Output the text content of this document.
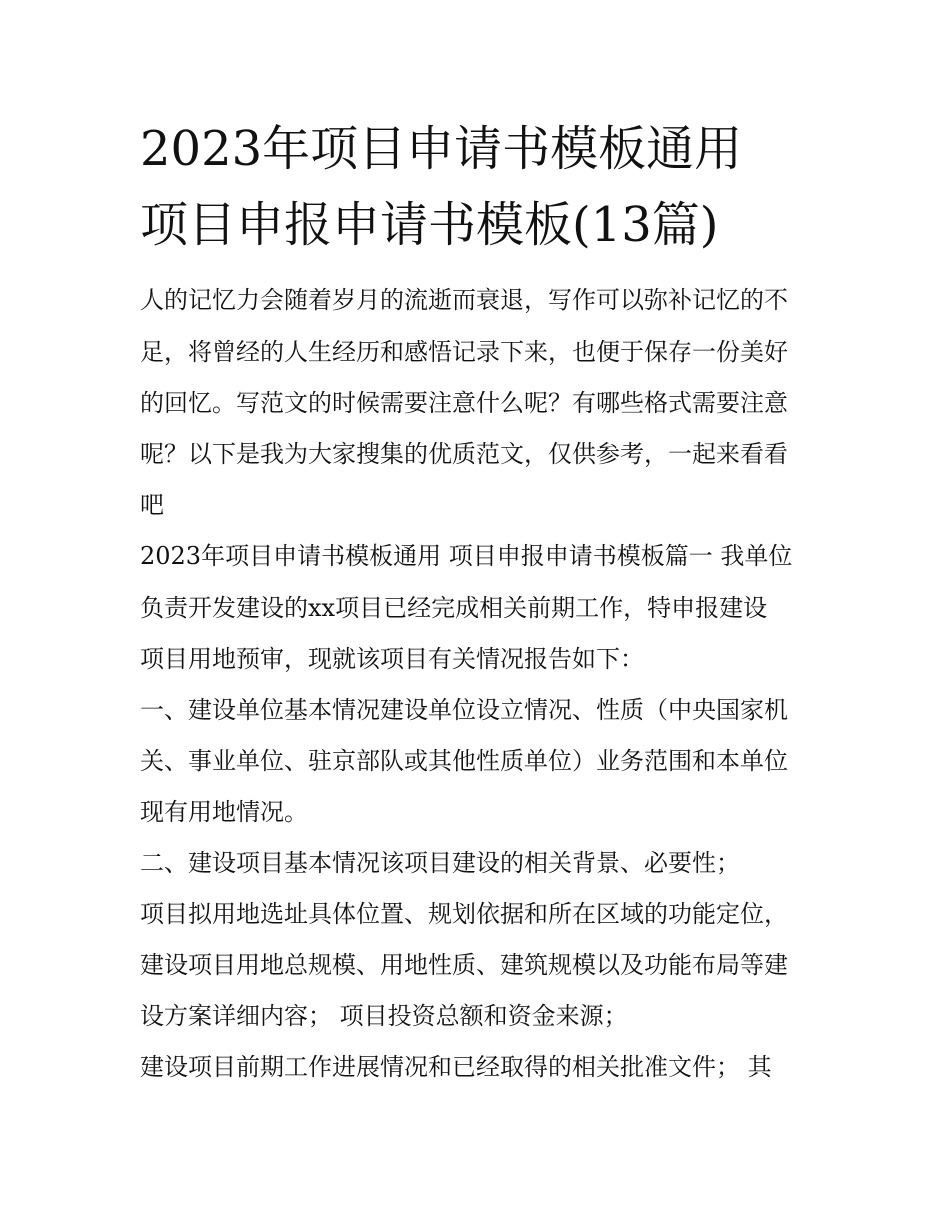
2023年项目申请书模板通用
项目申报申请书模板(13篇)

人的记忆力会随着岁月的流逝而衰退，写作可以弥补记忆的不

足，将曾经的人生经历和感悟记录下来，也便于保存一份美好

的回忆。写范文的时候需要注意什么呢？有哪些格式需要注意

呢？以下是我为大家搜集的优质范文，仅供参考，一起来看看

吧

2023年项目申请书模板通用 项目申报申请书模板篇一 我单位

负责开发建设的xx项目已经完成相关前期工作，特申报建设

项目用地预审，现就该项目有关情况报告如下：

一、建设单位基本情况建设单位设立情况、性质（中央国家机

关、事业单位、驻京部队或其他性质单位）业务范围和本单位

现有用地情况。

二、建设项目基本情况该项目建设的相关背景、必要性；

项目拟用地选址具体位置、规划依据和所在区域的功能定位，

建设项目用地总规模、用地性质、建筑规模以及功能布局等建

设方案详细内容； 项目投资总额和资金来源；

建设项目前期工作进展情况和已经取得的相关批准文件； 其
